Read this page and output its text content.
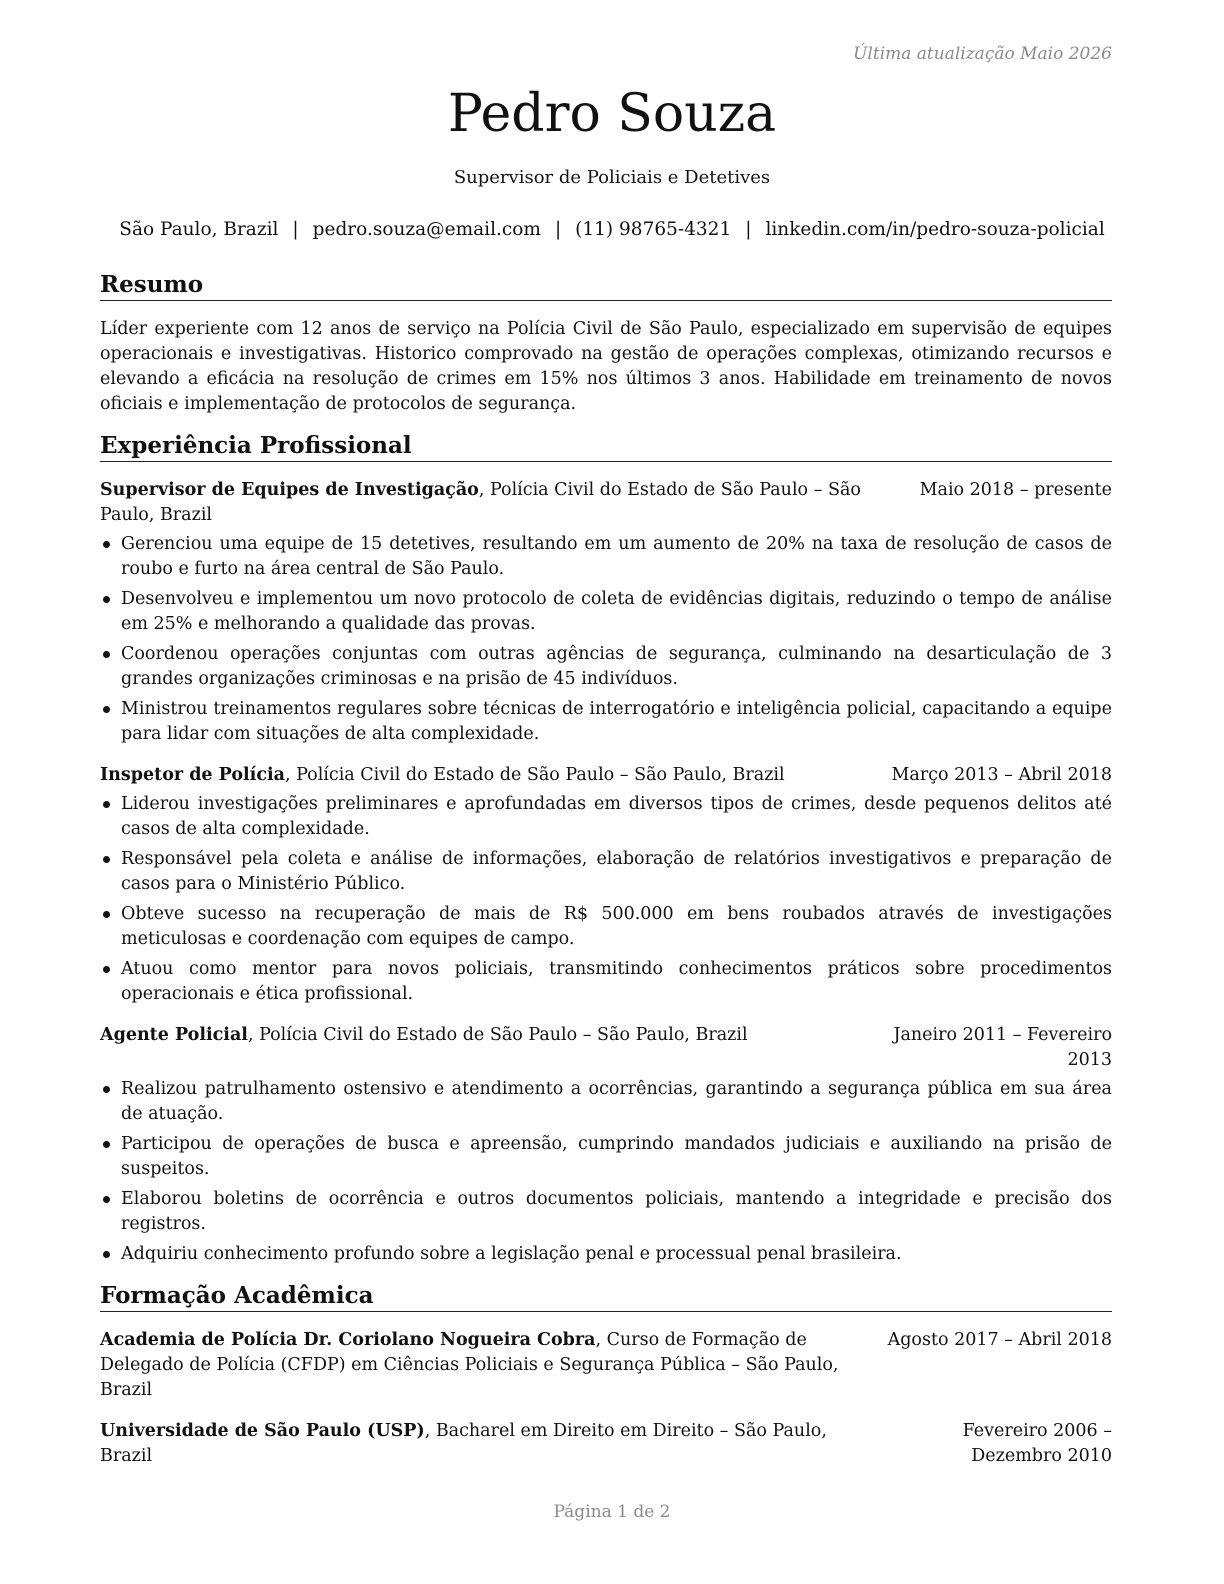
Última atualização Maio 2026
Pedro Souza
Supervisor de Policiais e Detetives
São Paulo, Brazil | pedro.souza@email.com | (11) 98765-4321 | linkedin.com/in/pedro-souza-policial
Resumo

Líder experiente com 12 anos de serviço na Polícia Civil de São Paulo, especializado em supervisão de equipes operacionais e investigativas. Historico comprovado na gestão de operações complexas, otimizando recursos e elevando a eficácia na resolução de crimes em 15% nos últimos 3 anos. Habilidade em treinamento de novos oficiais e implementação de protocolos de segurança.

Experiência Profissional
Supervisor de Equipes de Investigação, Polícia Civil do Estado de São Paulo – São Paulo, Brazil
Maio 2018 – presente
Gerenciou uma equipe de 15 detetives, resultando em um aumento de 20% na taxa de resolução de casos de roubo e furto na área central de São Paulo.
Desenvolveu e implementou um novo protocolo de coleta de evidências digitais, reduzindo o tempo de análise em 25% e melhorando a qualidade das provas.
Coordenou operações conjuntas com outras agências de segurança, culminando na desarticulação de 3 grandes organizações criminosas e na prisão de 45 indivíduos.
Ministrou treinamentos regulares sobre técnicas de interrogatório e inteligência policial, capacitando a equipe para lidar com situações de alta complexidade.
Inspetor de Polícia, Polícia Civil do Estado de São Paulo – São Paulo, Brazil	Março 2013 – Abril 2018
Liderou investigações preliminares e aprofundadas em diversos tipos de crimes, desde pequenos delitos até casos de alta complexidade.
Responsável pela coleta e análise de informações, elaboração de relatórios investigativos e preparação de casos para o Ministério Público.
Obteve sucesso na recuperação de mais de R$ 500.000 em bens roubados através de investigações meticulosas e coordenação com equipes de campo.
Atuou como mentor para novos policiais, transmitindo conhecimentos práticos sobre procedimentos operacionais e ética profissional.
Agente Policial, Polícia Civil do Estado de São Paulo – São Paulo, Brazil	Janeiro 2011 – Fevereiro 2013
Realizou patrulhamento ostensivo e atendimento a ocorrências, garantindo a segurança pública em sua área de atuação.
Participou de operações de busca e apreensão, cumprindo mandados judiciais e auxiliando na prisão de suspeitos.
Elaborou boletins de ocorrência e outros documentos policiais, mantendo a integridade e precisão dos registros.
Adquiriu conhecimento profundo sobre a legislação penal e processual penal brasileira.
Formação Acadêmica
Academia de Polícia Dr. Coriolano Nogueira Cobra, Curso de Formação de Delegado de Polícia (CFDP) em Ciências Policiais e Segurança Pública – São Paulo, Brazil
Agosto 2017 – Abril 2018
Universidade de São Paulo (USP), Bacharel em Direito em Direito – São Paulo, Brazil
Fevereiro 2006 – Dezembro 2010
Página 1 de 2
